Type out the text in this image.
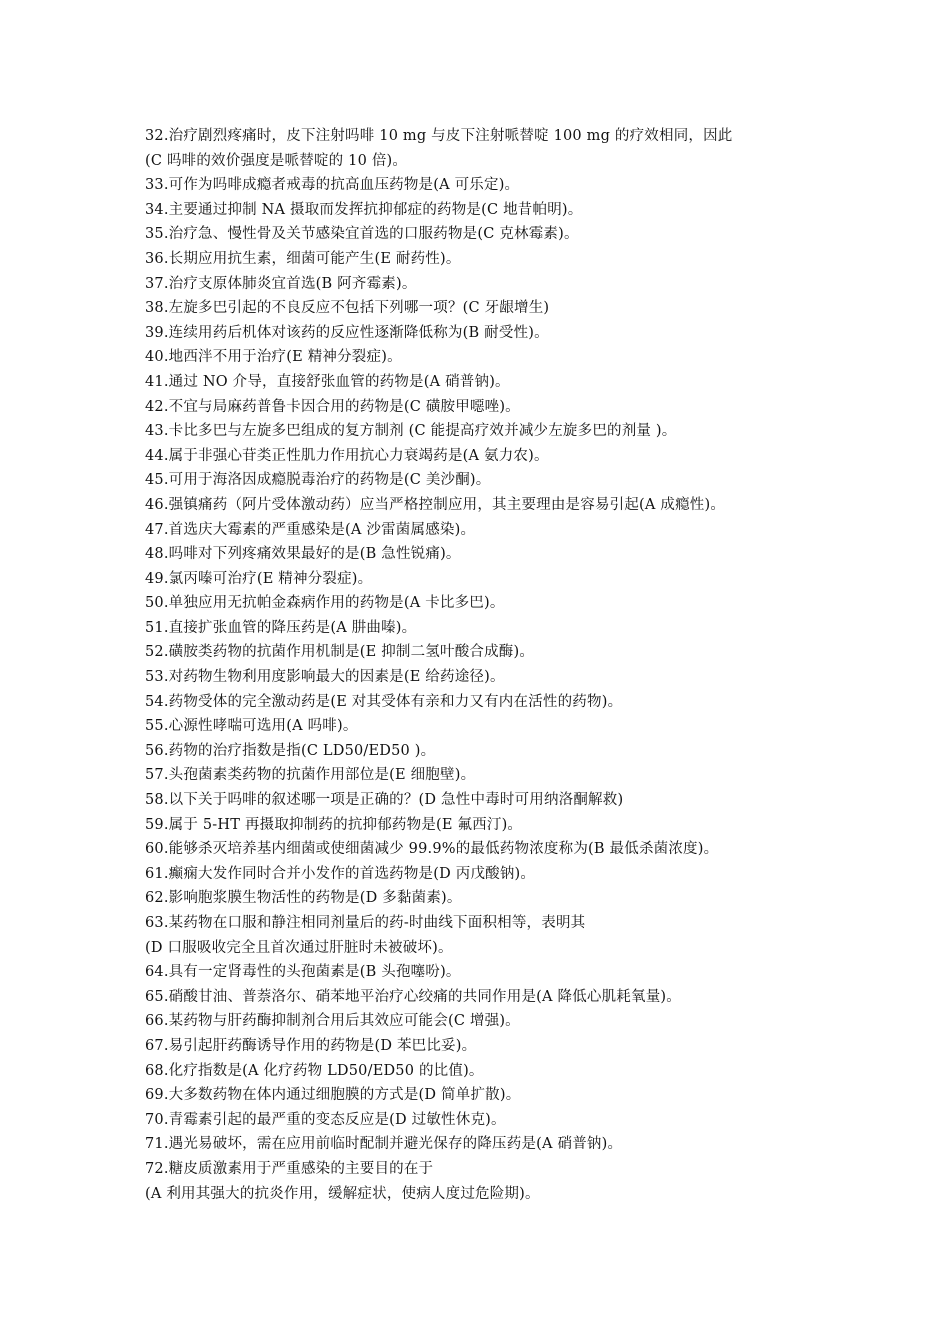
32.治疗剧烈疼痛时，皮下注射吗啡 10 mg 与皮下注射哌替啶 100 mg 的疗效相同，因此
(C 吗啡的效价强度是哌替啶的 10 倍)。
33.可作为吗啡成瘾者戒毒的抗高血压药物是(A 可乐定)。
34.主要通过抑制 NA 摄取而发挥抗抑郁症的药物是(C 地昔帕明)。
35.治疗急、慢性骨及关节感染宜首选的口服药物是(C 克林霉素)。
36.长期应用抗生素，细菌可能产生(E 耐药性)。
37.治疗支原体肺炎宜首选(B 阿齐霉素)。
38.左旋多巴引起的不良反应不包括下列哪一项？(C 牙龈增生)
39.连续用药后机体对该药的反应性逐渐降低称为(B 耐受性)。
40.地西泮不用于治疗(E 精神分裂症)。
41.通过 NO 介导，直接舒张血管的药物是(A 硝普钠)。
42.不宜与局麻药普鲁卡因合用的药物是(C 磺胺甲噁唑)。
43.卡比多巴与左旋多巴组成的复方制剂 (C 能提高疗效并减少左旋多巴的剂量 )。
44.属于非强心苷类正性肌力作用抗心力衰竭药是(A 氨力农)。
45.可用于海洛因成瘾脱毒治疗的药物是(C 美沙酮)。
46.强镇痛药（阿片受体激动药）应当严格控制应用，其主要理由是容易引起(A 成瘾性)。
47.首选庆大霉素的严重感染是(A 沙雷菌属感染)。
48.吗啡对下列疼痛效果最好的是(B 急性锐痛)。
49.氯丙嗪可治疗(E 精神分裂症)。
50.单独应用无抗帕金森病作用的药物是(A 卡比多巴)。
51.直接扩张血管的降压药是(A 肼曲嗪)。
52.磺胺类药物的抗菌作用机制是(E 抑制二氢叶酸合成酶)。
53.对药物生物利用度影响最大的因素是(E 给药途径)。
54.药物受体的完全激动药是(E 对其受体有亲和力又有内在活性的药物)。
55.心源性哮喘可选用(A 吗啡)。
56.药物的治疗指数是指(C LD50/ED50 )。
57.头孢菌素类药物的抗菌作用部位是(E 细胞壁)。
58.以下关于吗啡的叙述哪一项是正确的？(D 急性中毒时可用纳洛酮解救)
59.属于 5-HT 再摄取抑制药的抗抑郁药物是(E 氟西汀)。
60.能够杀灭培养基内细菌或使细菌减少 99.9%的最低药物浓度称为(B 最低杀菌浓度)。
61.癫痫大发作同时合并小发作的首选药物是(D 丙戊酸钠)。
62.影响胞浆膜生物活性的药物是(D 多黏菌素)。
63.某药物在口服和静注相同剂量后的药-时曲线下面积相等，表明其
(D 口服吸收完全且首次通过肝脏时未被破坏)。
64.具有一定肾毒性的头孢菌素是(B 头孢噻吩)。
65.硝酸甘油、普萘洛尔、硝苯地平治疗心绞痛的共同作用是(A 降低心肌耗氧量)。
66.某药物与肝药酶抑制剂合用后其效应可能会(C 增强)。
67.易引起肝药酶诱导作用的药物是(D 苯巴比妥)。
68.化疗指数是(A 化疗药物 LD50/ED50 的比值)。
69.大多数药物在体内通过细胞膜的方式是(D 简单扩散)。
70.青霉素引起的最严重的变态反应是(D 过敏性休克)。
71.遇光易破坏，需在应用前临时配制并避光保存的降压药是(A 硝普钠)。
72.糖皮质激素用于严重感染的主要目的在于
(A 利用其强大的抗炎作用，缓解症状，使病人度过危险期)。
